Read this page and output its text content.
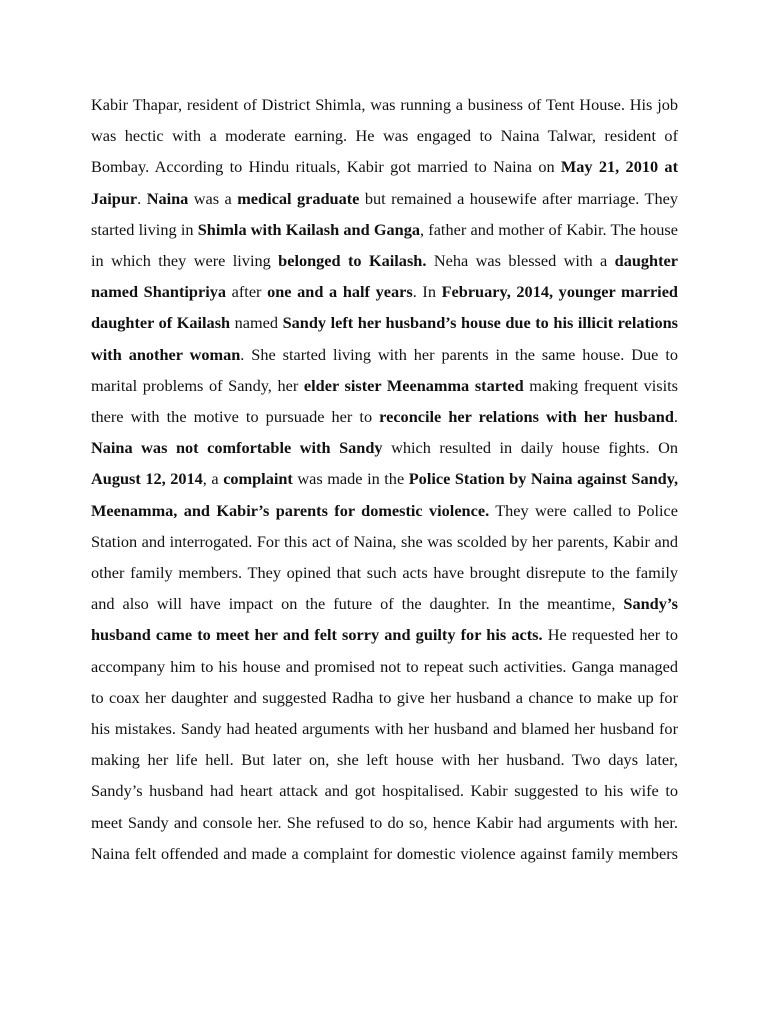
Kabir Thapar, resident of District Shimla, was running a business of Tent House. His job was hectic with a moderate earning. He was engaged to Naina Talwar, resident of Bombay. According to Hindu rituals, Kabir got married to Naina on May 21, 2010 at Jaipur. Naina was a medical graduate but remained a housewife after marriage. They started living in Shimla with Kailash and Ganga, father and mother of Kabir. The house in which they were living belonged to Kailash. Neha was blessed with a daughter named Shantipriya after one and a half years. In February, 2014, younger married daughter of Kailash named Sandy left her husband’s house due to his illicit relations with another woman. She started living with her parents in the same house. Due to marital problems of Sandy, her elder sister Meenamma started making frequent visits there with the motive to pursuade her to reconcile her relations with her husband. Naina was not comfortable with Sandy which resulted in daily house fights. On August 12, 2014, a complaint was made in the Police Station by Naina against Sandy, Meenamma, and Kabir’s parents for domestic violence. They were called to Police Station and interrogated. For this act of Naina, she was scolded by her parents, Kabir and other family members. They opined that such acts have brought disrepute to the family and also will have impact on the future of the daughter. In the meantime, Sandy’s husband came to meet her and felt sorry and guilty for his acts. He requested her to accompany him to his house and promised not to repeat such activities. Ganga managed to coax her daughter and suggested Radha to give her husband a chance to make up for his mistakes. Sandy had heated arguments with her husband and blamed her husband for making her life hell. But later on, she left house with her husband. Two days later, Sandy’s husband had heart attack and got hospitalised. Kabir suggested to his wife to meet Sandy and console her. She refused to do so, hence Kabir had arguments with her. Naina felt offended and made a complaint for domestic violence against family members
